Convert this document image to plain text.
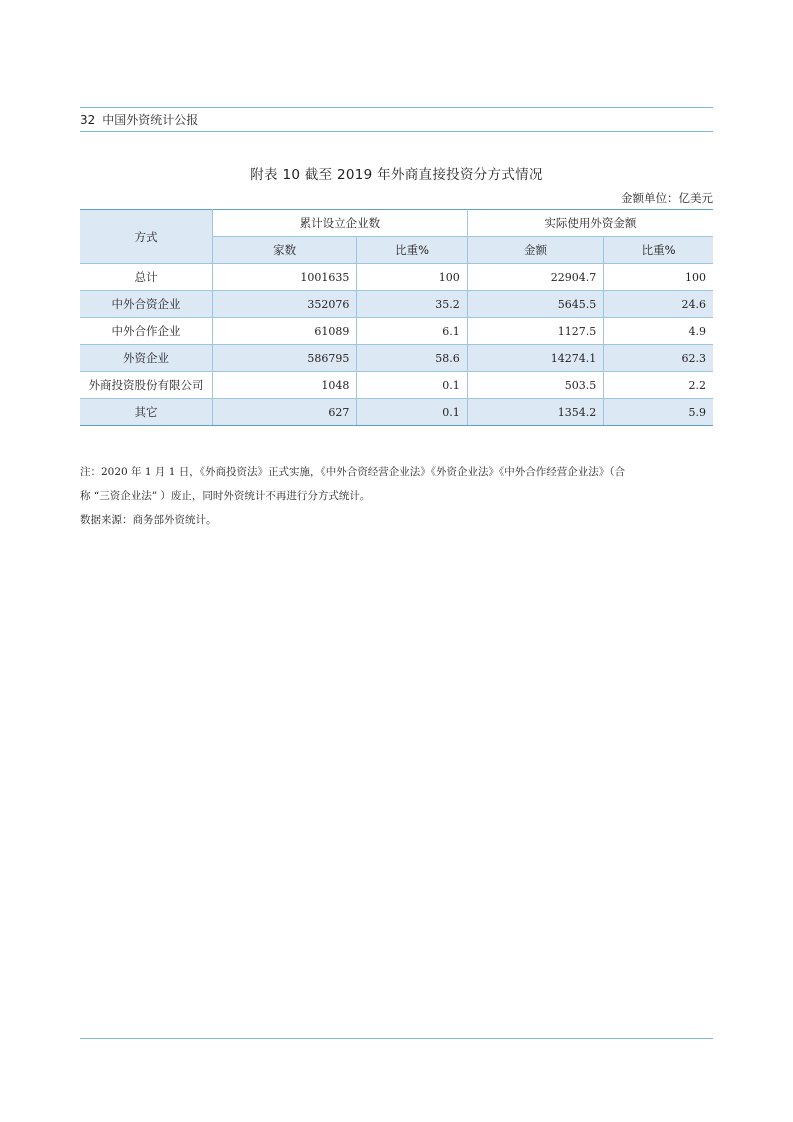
32 中国外资统计公报
附表 10 截至 2019 年外商直接投资分方式情况
金额单位：亿美元
方式	累计设立企业数		实际使用外资金额	
	家数	比重%	金额	比重%
总计	1001635	100	22904.7	100
中外合资企业	352076	35.2	5645.5	24.6
中外合作企业	61089	6.1	1127.5	4.9
外资企业	586795	58.6	14274.1	62.3
外商投资股份有限公司	1048	0.1	503.5	2.2
其它	627	0.1	1354.2	5.9

注：2020 年 1 月 1 日，《外商投资法》正式实施，《中外合资经营企业法》《外资企业法》《中外合作经营企业法》（合

称 “三资企业法” ）废止，同时外资统计不再进行分方式统计。

数据来源：商务部外资统计。
